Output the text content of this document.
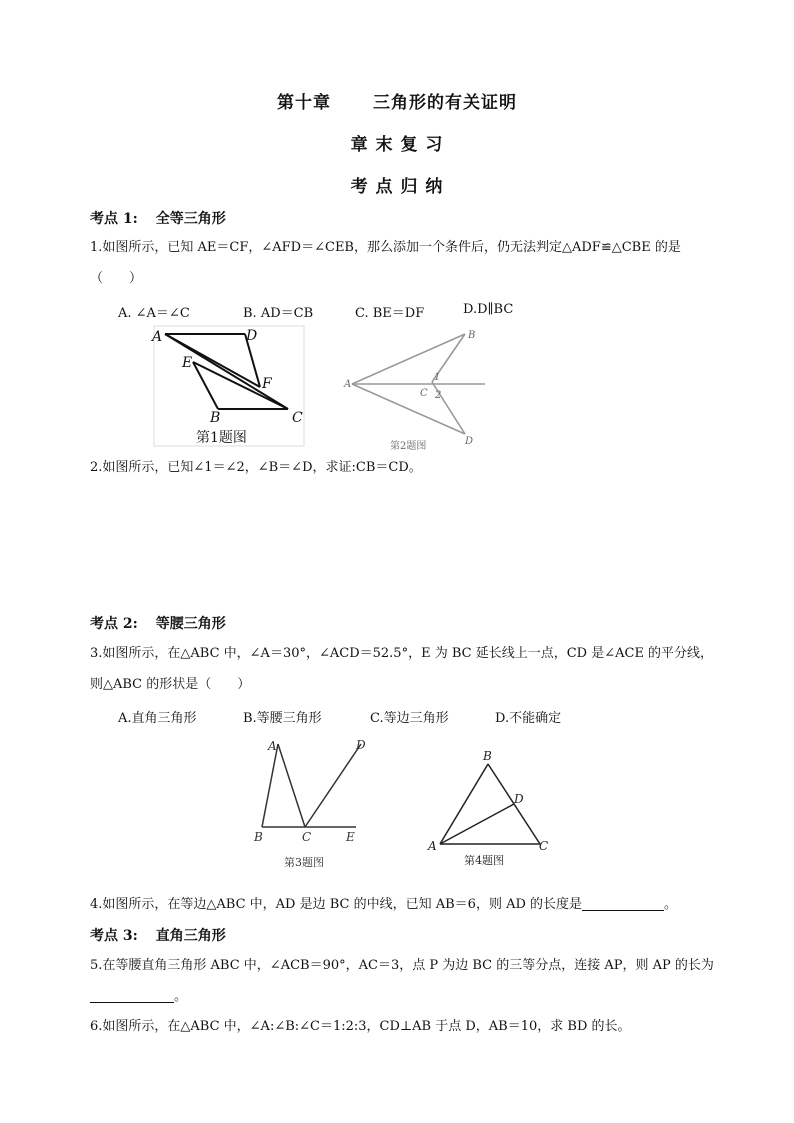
第十章 三角形的有关证明
章 末 复 习
考 点 归 纳
考点 1: 全等三角形
1.如图所示，已知 AE＝CF，∠AFD＝∠CEB，那么添加一个条件后，仍无法判定△ADF≌△CBE 的是（　　）
A. ∠A＝∠C	B. AD＝CB	C. BE＝DF	D.D∥BC
A	D
E
F
B	C
第1题图
A
B
C
D
1
2
第2题图
2.如图所示，已知∠1＝∠2，∠B＝∠D，求证:CB＝CD。
考点 2: 等腰三角形
3.如图所示，在△ABC 中，∠A＝30°，∠ACD＝52.5°，E 为 BC 延长线上一点，CD 是∠ACE 的平分线，则△ABC 的形状是（　　）
A.直角三角形	B.等腰三角形	C.等边三角形	D.不能确定
A	D
B	C	E
第3题图
B
D
A	C
第4题图
4.如图所示，在等边△ABC 中，AD 是边 BC 的中线，已知 AB＝6，则 AD 的长度是	。
考点 3: 直角三角形
5.在等腰直角三角形 ABC 中，∠ACB＝90°，AC＝3，点 P 为边 BC 的三等分点，连接 AP，则 AP 的长为。
6.如图所示，在△ABC 中，∠A:∠B:∠C＝1:2:3，CD⊥AB 于点 D，AB＝10，求 BD 的长。
